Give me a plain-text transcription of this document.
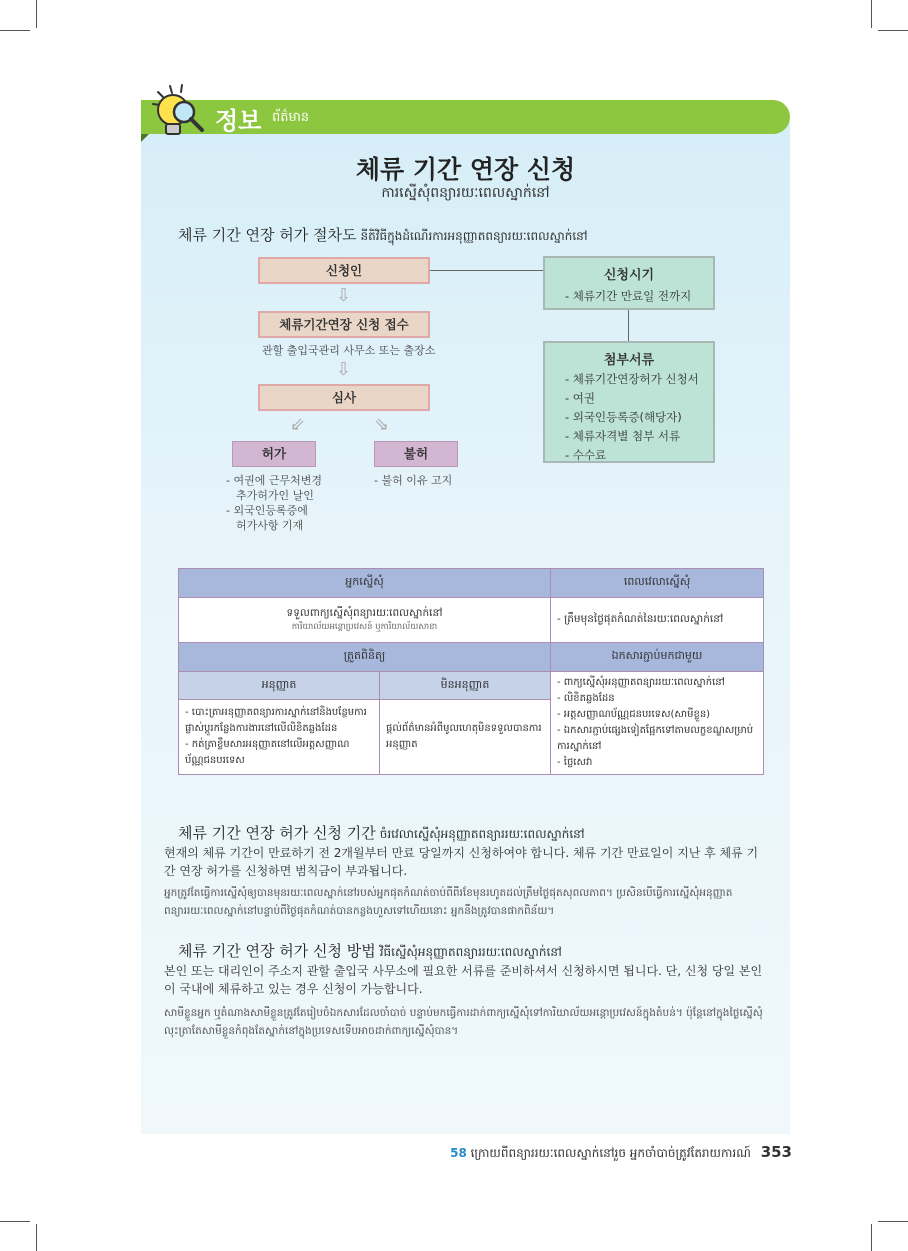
정보 ព័ត៌មាន
체류 기간 연장 신청
ការស្នើសុំពន្យារយៈពេលស្នាក់នៅ
체류 기간 연장 허가 절차도 នីតិវិធីក្នុងដំណើរការអនុញ្ញាតពន្យារយៈពេលស្នាក់នៅ
신청인
⇩
체류기간연장 신청 접수
관할 출입국관리 사무소 또는 출장소
⇩
심사
⇙	⇘
허가	불허
- 여권에 근무처변경
추가허가인 날인
- 외국인등록증에
허가사항 기재
- 불허 이유 고지
신청시기
- 체류기간 만료일 전까지
첨부서류
- 체류기간연장허가 신청서
- 여권
- 외국인등록증(해당자)
- 체류자격별 첨부 서류
- 수수료
អ្នកស្នើសុំ		ពេលវេលាស្នើសុំ

ទទួលពាក្យស្នើសុំពន្យារយៈពេលស្នាក់នៅ
ការិយាល័យអន្តោប្រវេសន៍ ឬការិយាល័យសាខា		- ត្រឹមមុនថ្ងៃផុតកំណត់នៃរយៈពេលស្នាក់នៅ
ត្រួតពិនិត្យ		ឯកសារភ្ជាប់មកជាមួយ
អនុញ្ញាត	មិនអនុញ្ញាត	- ពាក្យស្នើសុំអនុញ្ញាតពន្យាររយៈពេលស្នាក់នៅ
- លិខិតឆ្លងដែន
- អត្តសញ្ញាណប័ណ្ណជនបរទេស(សាមីខ្លួន)
- ឯកសារភ្ជាប់ផ្សេងទៀតផ្អែកទៅតាមលក្ខខណ្ឌសម្រាប់ការស្នាក់នៅ
- ថ្លៃសេវា

- បោះត្រាអនុញ្ញាតពន្យារការស្នាក់នៅនិងបន្ថែមការផ្លាស់ប្តូរកន្លែងការងារនៅលើលិខិតឆ្លងដែន
- កត់ត្រាខ្លឹមសារអនុញ្ញាតនៅលើអត្តសញ្ញាណប័ណ្ណជនបរទេស	ផ្តល់ព័ត៌មានអំពីមូលហេតុមិនទទួលបានការអនុញ្ញាត	
체류 기간 연장 허가 신청 기간 ចំរវេលាស្នើសុំអនុញ្ញាតពន្យាររយៈពេលស្នាក់នៅ
현재의 체류 기간이 만료하기 전 2개월부터 만료 당일까지 신청하여야 합니다. 체류 기간 만료일이 지난 후 체류 기간 연장 허가를 신청하면 범칙금이 부과됩니다.
អ្នកត្រូវតែធ្វើការស្នើសុំឲ្យបានមុនរយៈពេលស្នាក់នៅរបស់អ្នកផុតកំណត់ចាប់ពីពីរខែមុនរហូតដល់ត្រឹមថ្ងៃផុតសុពលភាព។ ប្រសិនបើធ្វើការស្នើសុំអនុញ្ញាតពន្យាររយៈពេលស្នាក់នៅបន្ទាប់ពីថ្ងៃផុតកំណត់បានកន្លងហួសទៅហើយនោះ អ្នកនឹងត្រូវបានផាកពិន័យ។
체류 기간 연장 허가 신청 방법 វិធីស្នើសុំអនុញ្ញាតពន្យាររយៈពេលស្នាក់នៅ
본인 또는 대리인이 주소지 관할 출입국 사무소에 필요한 서류를 준비하셔서 신청하시면 됩니다. 단, 신청 당일 본인이 국내에 체류하고 있는 경우 신청이 가능합니다.
សាមីខ្លួនអ្នក ឬតំណាងសាមីខ្លួនត្រូវតែរៀបចំឯកសារដែលចាំបាច់ បន្ទាប់មកធ្វើការដាក់ពាក្យស្នើសុំទៅការិយាល័យអន្តោប្រវេសន៍ក្នុងតំបន់។ ប៉ុន្តែនៅក្នុងថ្ងៃស្នើសុំលុះត្រាតែសាមីខ្លួនកំពុងតែស្នាក់នៅក្នុងប្រទេសទើបអាចដាក់ពាក្យស្នើសុំបាន។
58 ក្រោយពីពន្យាររយៈពេលស្នាក់នៅរួច អ្នកចាំបាច់ត្រូវតែរាយការណ៍ 353
